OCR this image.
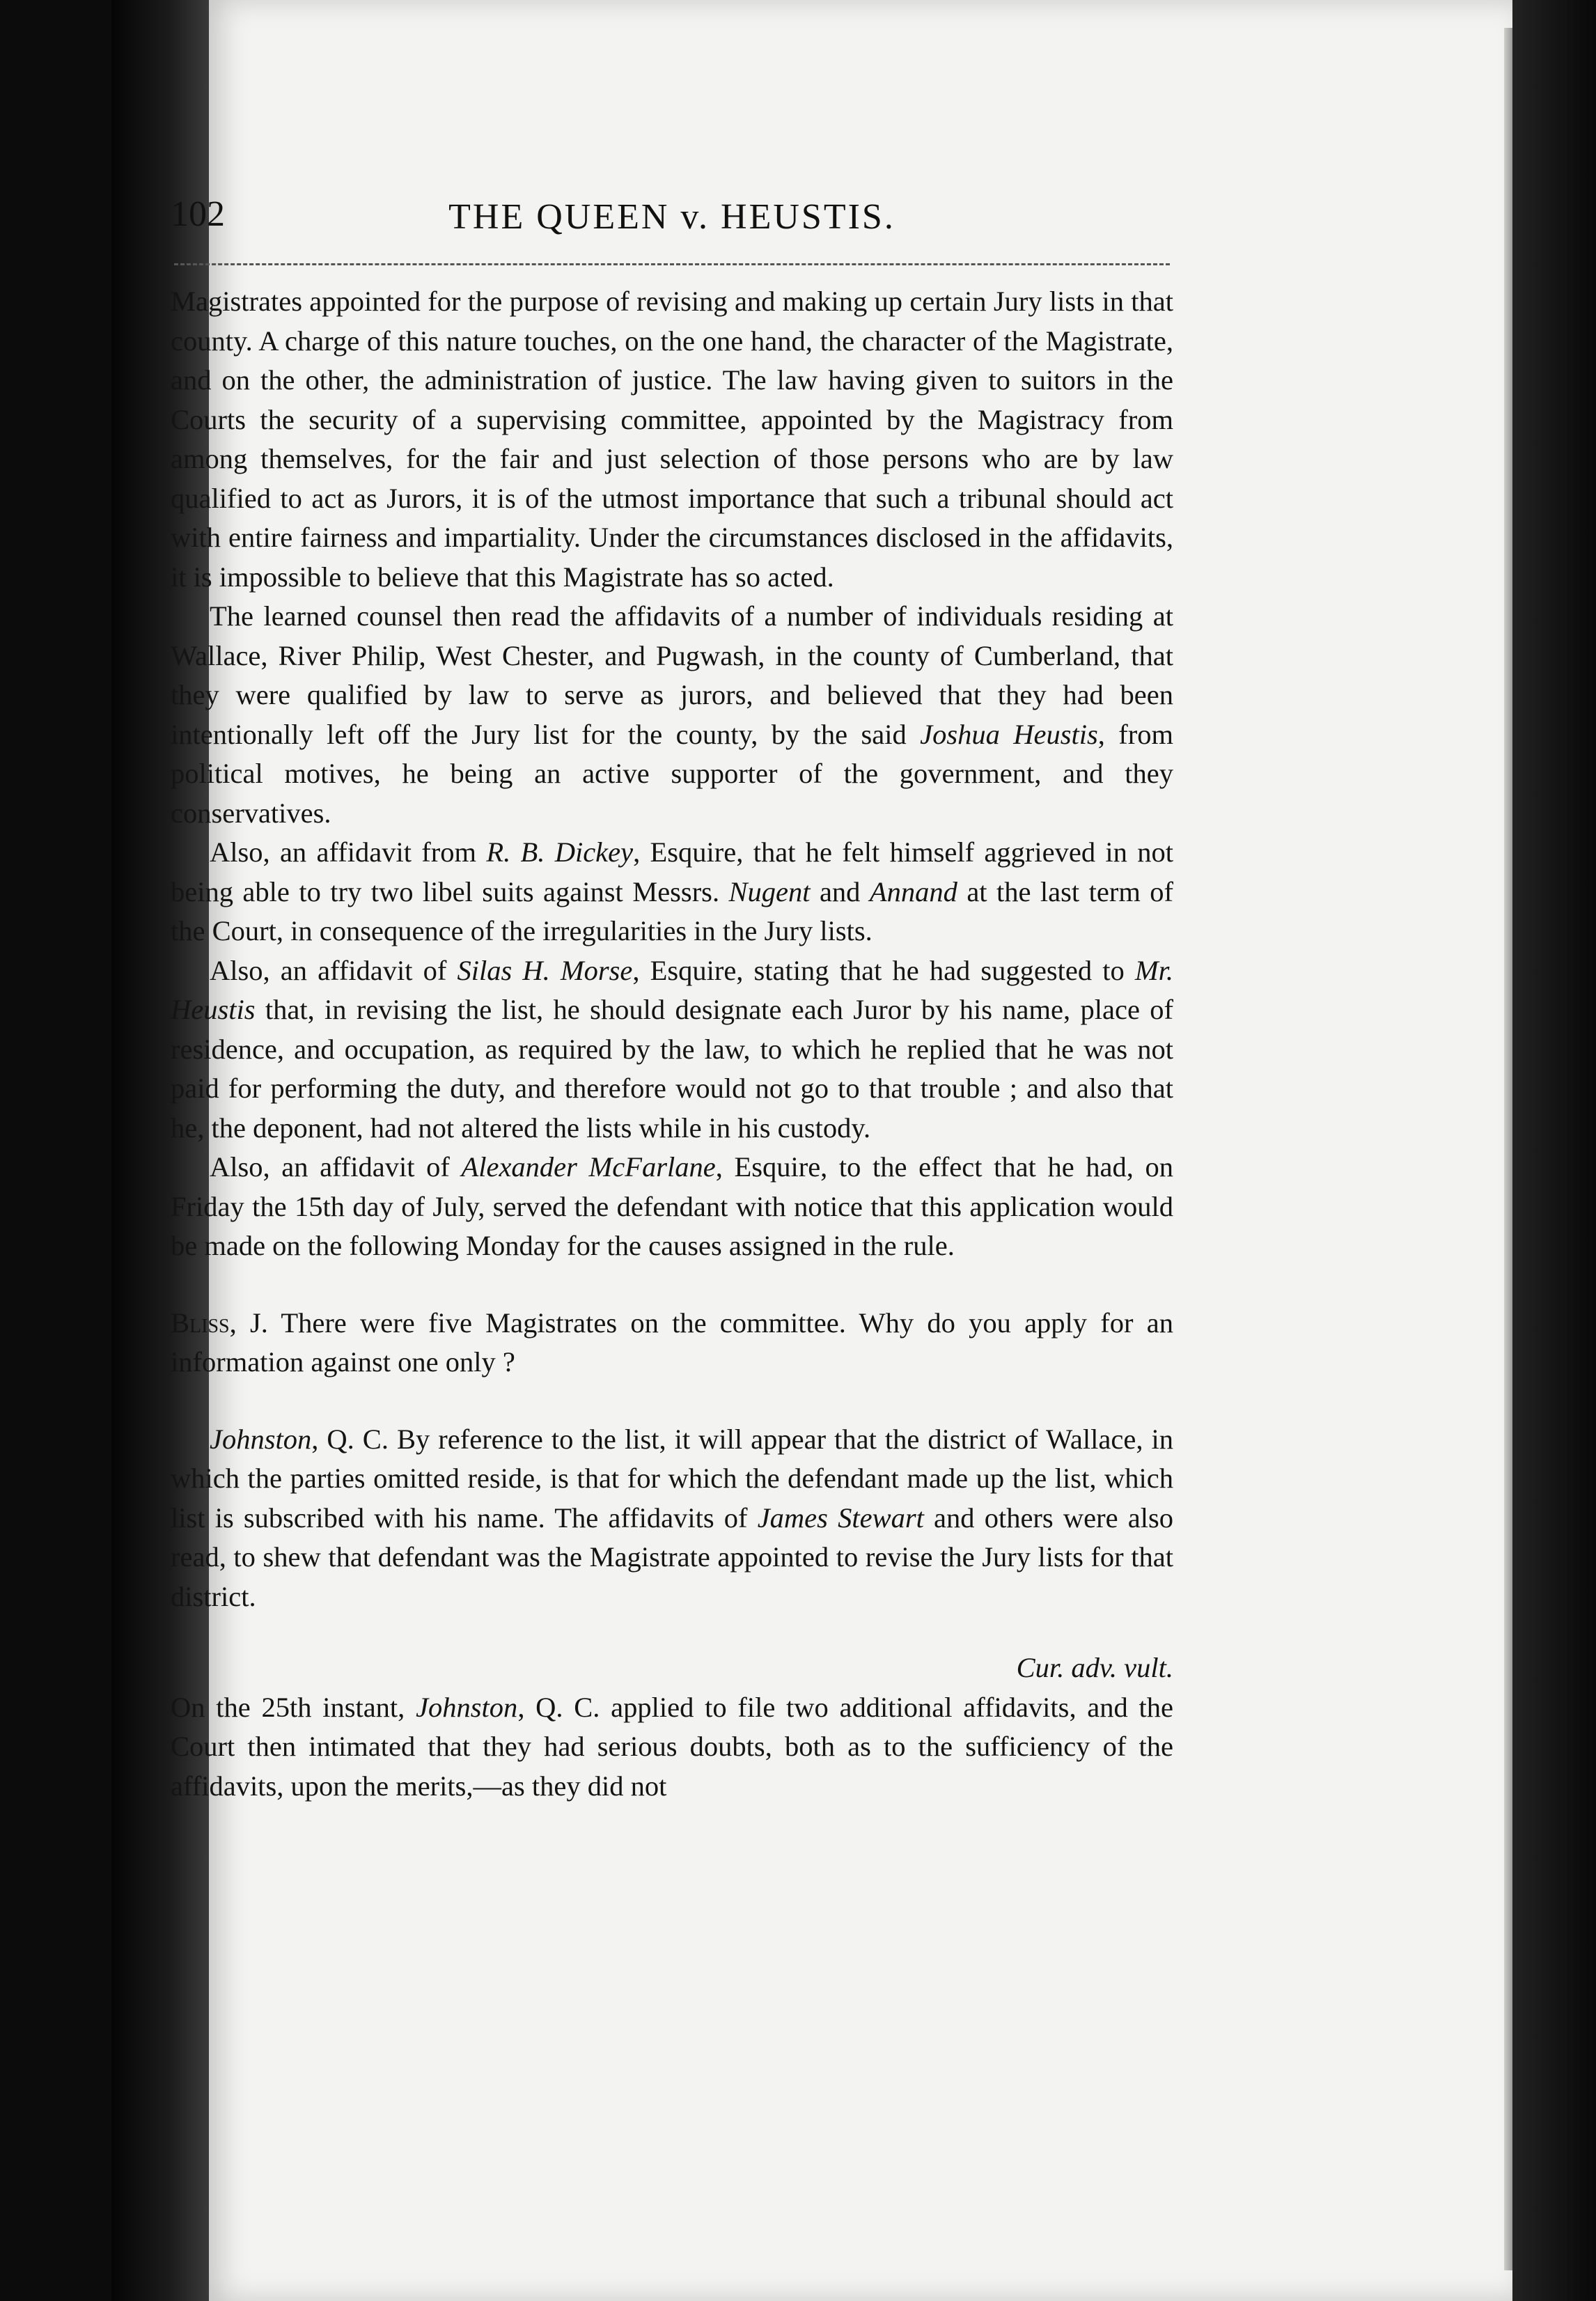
102	THE QUEEN v. HEUSTIS.

Magistrates appointed for the purpose of revising and making up certain Jury lists in that county. A charge of this nature touches, on the one hand, the character of the Magistrate, and on the other, the administration of justice. The law having given to suitors in the Courts the security of a supervising committee, appointed by the Magistracy from among themselves, for the fair and just selection of those persons who are by law qualified to act as Jurors, it is of the utmost importance that such a tribunal should act with entire fairness and impartiality. Under the circumstances disclosed in the affidavits, it is impossible to believe that this Magistrate has so acted.

The learned counsel then read the affidavits of a number of individuals residing at Wallace, River Philip, West Chester, and Pugwash, in the county of Cumberland, that they were qualified by law to serve as jurors, and believed that they had been intentionally left off the Jury list for the county, by the said Joshua Heustis, from political motives, he being an active supporter of the government, and they conservatives.

Also, an affidavit from R. B. Dickey, Esquire, that he felt himself aggrieved in not being able to try two libel suits against Messrs. Nugent and Annand at the last term of the Court, in consequence of the irregularities in the Jury lists.

Also, an affidavit of Silas H. Morse, Esquire, stating that he had suggested to Mr. Heustis that, in revising the list, he should designate each Juror by his name, place of residence, and occupation, as required by the law, to which he replied that he was not paid for performing the duty, and therefore would not go to that trouble ; and also that he, the deponent, had not altered the lists while in his custody.

Also, an affidavit of Alexander McFarlane, Esquire, to the effect that he had, on Friday the 15th day of July, served the defendant with notice that this application would be made on the following Monday for the causes assigned in the rule.

Bliss, J. There were five Magistrates on the committee. Why do you apply for an information against one only ?

Johnston, Q. C. By reference to the list, it will appear that the district of Wallace, in which the parties omitted reside, is that for which the defendant made up the list, which list is subscribed with his name. The affidavits of James Stewart and others were also read, to shew that defendant was the Magistrate appointed to revise the Jury lists for that district.

Cur. adv. vult.

On the 25th instant, Johnston, Q. C. applied to file two additional affidavits, and the Court then intimated that they had serious doubts, both as to the sufficiency of the affidavits, upon the merits,—as they did not
